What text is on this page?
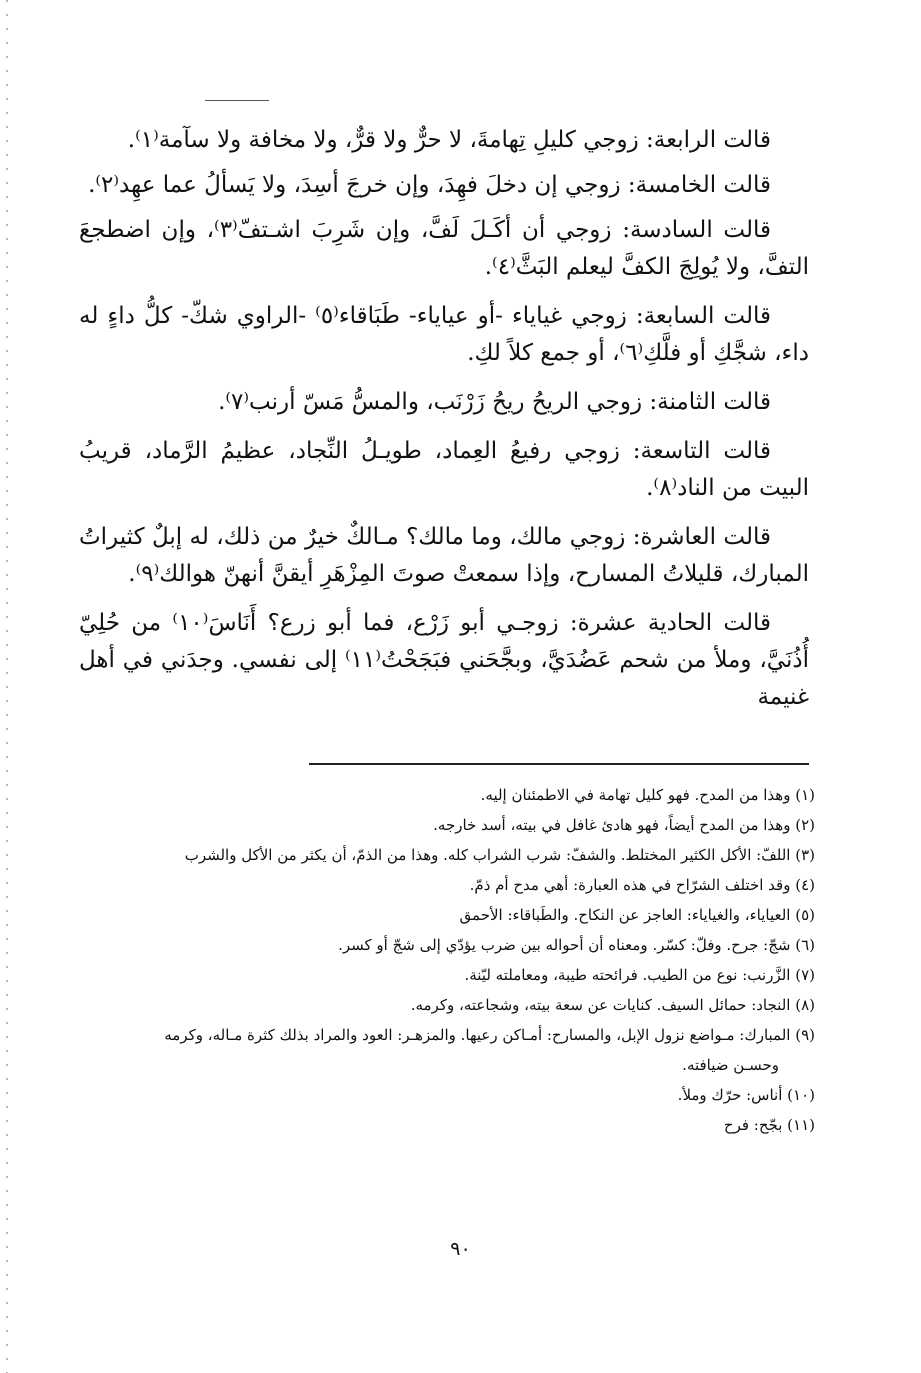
قالت الرابعة: زوجي كليلِ تِهامةَ، لا حرٌّ ولا قرٌّ، ولا مخافة ولا سآمة⁽١⁾.

قالت الخامسة: زوجي إن دخلَ فهِدَ، وإن خرجَ أسِدَ، ولا يَسألُ عما عهِد⁽٢⁾.

قالت السادسة: زوجي أن أكَـلَ لَفَّ، وإن شَرِبَ اشـتفّ⁽٣⁾، وإن اضطجعَ التفَّ، ولا يُولِجَ الكفَّ ليعلم البَثَّ⁽٤⁾.

قالت السابعة: زوجي غياياء -أو عياياء- طَبَاقاء⁽٥⁾ -الراوي شكّ- كلُّ داءٍ له داء، شجَّكِ أو فلَّكِ⁽٦⁾، أو جمع كلاً لكِ.

قالت الثامنة: زوجي الريحُ ريحُ زَرْنَب، والمسُّ مَسّ أرنب⁽٧⁾.

قالت التاسعة: زوجي رفيعُ العِماد، طويـلُ النِّجاد، عظيمُ الرَّماد، قريبُ البيت من الناد⁽٨⁾.

قالت العاشرة: زوجي مالك، وما مالك؟ مـالكٌ خيرٌ من ذلك، له إبلٌ كثيراتُ المبارك، قليلاتُ المسارح، وإذا سمعتْ صوتَ المِزْهَرِ أيقنَّ أنهنّ هوالك⁽٩⁾.

قالت الحادية عشرة: زوجـي أبو زَرْع، فما أبو زرع؟ أَنَاسَ⁽١٠⁾ من حُلِيّ أُذُنَيَّ، وملأ من شحم عَضُدَيَّ، وبجَّحَني فبَجَحْتُ⁽١١⁾ إلى نفسي. وجدَني في أهل غنيمة

(١) وهذا من المدح. فهو كليل تهامة في الاطمئنان إليه.

(٢) وهذا من المدح أيضاً، فهو هادئ غافل في بيته، أسد خارجه.

(٣) اللفّ: الأكل الكثير المختلط. والشفّ: شرب الشراب كله. وهذا من الذمّ، أن يكثر من الأكل والشرب

(٤) وقد اختلف الشرّاح في هذه العبارة: أهي مدح أم ذمّ.

(٥) العياياء، والغياياء: العاجز عن النكاح. والطَباقاء: الأحمق

(٦) شجّ: جرح. وفلّ: كسّر. ومعناه أن أحواله بين ضرب يؤدّي إلى شجّ أو كسر.

(٧) الزَّرنب: نوع من الطيب. فرائحته طيبة، ومعاملته ليّنة.

(٨) النجاد: حمائل السيف. كنايات عن سعة بيته، وشجاعته، وكرمه.

(٩) المبارك: مـواضع نزول الإبل، والمسارح: أمـاكن رعيها. والمزهـر: العود والمراد بذلك كثرة مـاله، وكرمه

وحسـن ضيافته.

(١٠) أناس: حرّك وملأ.

(١١) بجّح: فرح

٩٠
